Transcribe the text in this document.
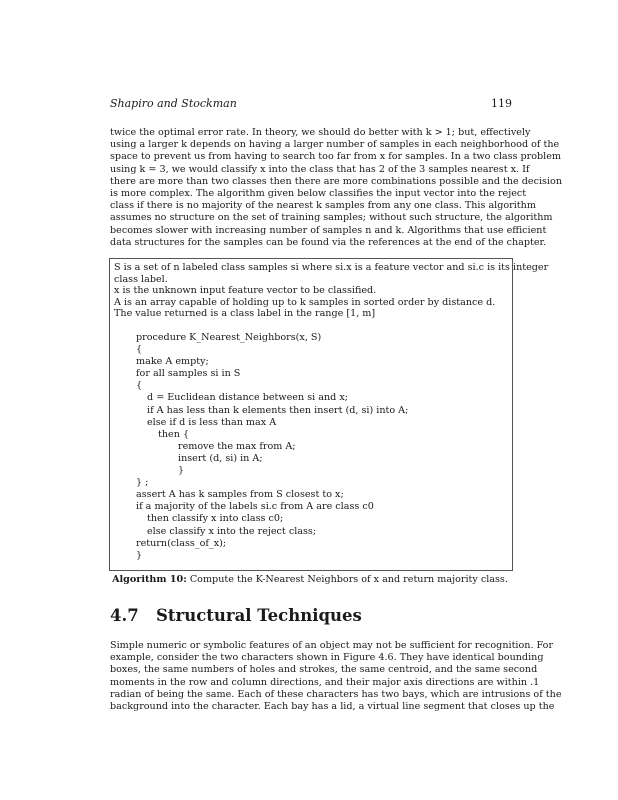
Shapiro and Stockman	119

twice the optimal error rate. In theory, we should do better with k > 1; but, effectively
using a larger k depends on having a larger number of samples in each neighborhood of the
space to prevent us from having to search too far from x for samples. In a two class problem
using k = 3, we would classify x into the class that has 2 of the 3 samples nearest x. If
there are more than two classes then there are more combinations possible and the decision
is more complex. The algorithm given below classifies the input vector into the reject
class if there is no majority of the nearest k samples from any one class. This algorithm
assumes no structure on the set of training samples; without such structure, the algorithm
becomes slower with increasing number of samples n and k. Algorithms that use efficient
data structures for the samples can be found via the references at the end of the chapter.

S is a set of n labeled class samples si where si.x is a feature vector and si.c is its integer
class label.
x is the unknown input feature vector to be classified.
A is an array capable of holding up to k samples in sorted order by distance d.
The value returned is a class label in the range [1, m]
procedure K_Nearest_Neighbors(x, S)
{
make A empty;
for all samples si in S
{
d = Euclidean distance between si and x;
if A has less than k elements then insert (d, si) into A;
else if d is less than max A
then {
remove the max from A;
insert (d, si) in A;
}
} ;
assert A has k samples from S closest to x;
if a majority of the labels si.c from A are class c0
then classify x into class c0;
else classify x into the reject class;
return(class_of_x);
}
Algorithm 10: Compute the K-Nearest Neighbors of x and return majority class.
4.7 Structural Techniques

Simple numeric or symbolic features of an object may not be sufficient for recognition. For
example, consider the two characters shown in Figure 4.6. They have identical bounding
boxes, the same numbers of holes and strokes, the same centroid, and the same second
moments in the row and column directions, and their major axis directions are within .1
radian of being the same. Each of these characters has two bays, which are intrusions of the
background into the character. Each bay has a lid, a virtual line segment that closes up the
